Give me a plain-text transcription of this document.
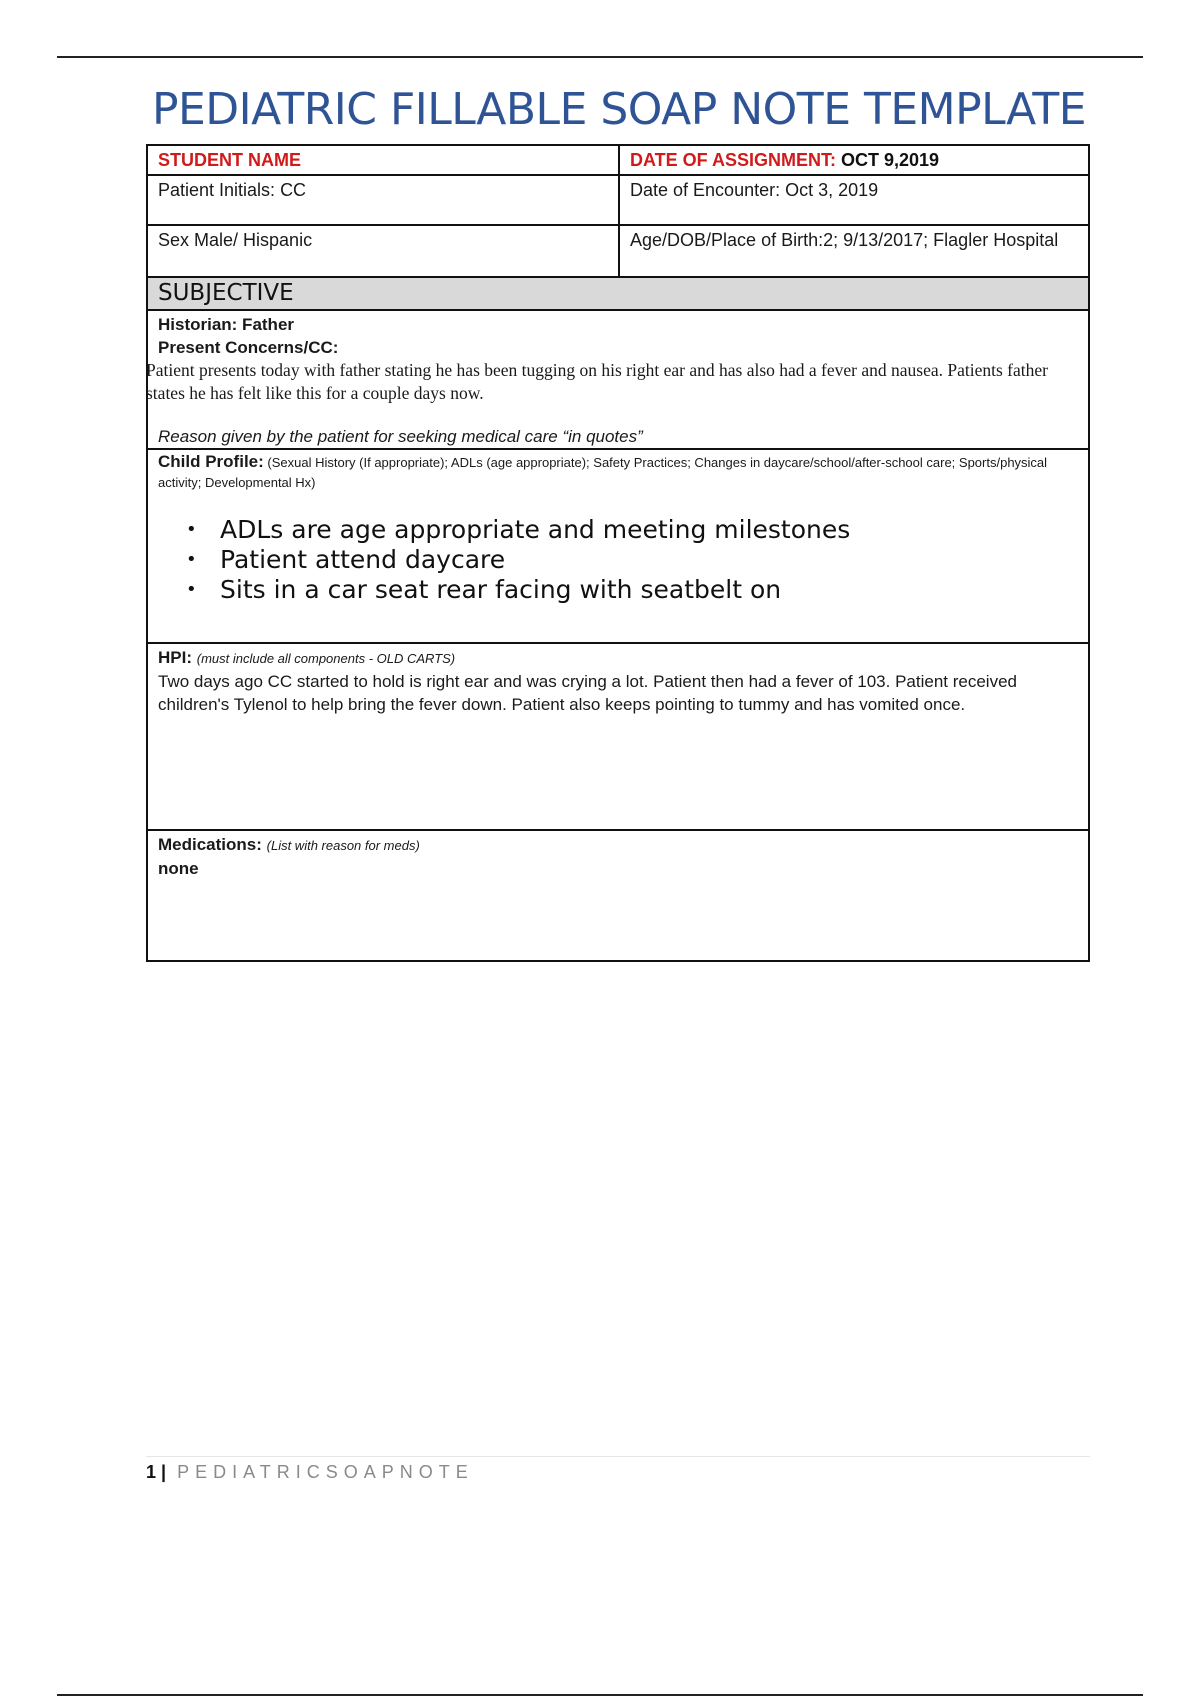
PEDIATRIC FILLABLE SOAP NOTE TEMPLATE
STUDENT NAME	DATE OF ASSIGNMENT: OCT 9,2019
Patient Initials: CC	Date of Encounter: Oct 3, 2019
Sex Male/ Hispanic	Age/DOB/Place of Birth:2; 9/13/2017; Flagler Hospital
SUBJECTIVE
Historian: Father
Present Concerns/CC:
Patient presents today with father stating he has been tugging on his right ear and has also had a fever and nausea. Patients father states he has felt like this for a couple days now.
Reason given by the patient for seeking medical care “in quotes”
Child Profile: (Sexual History (If appropriate); ADLs (age appropriate); Safety Practices; Changes in daycare/school/after-school care; Sports/physical activity; Developmental Hx)
• ADLs are age appropriate and meeting milestones
• Patient attend daycare
• Sits in a car seat rear facing with seatbelt on
HPI: (must include all components - OLD CARTS)
Two days ago CC started to hold is right ear and was crying a lot. Patient then had a fever of 103. Patient received children's Tylenol to help bring the fever down. Patient also keeps pointing to tummy and has vomited once.
Medications: (List with reason for meds)
none
1 | PEDIATRICSOAPNOTE
